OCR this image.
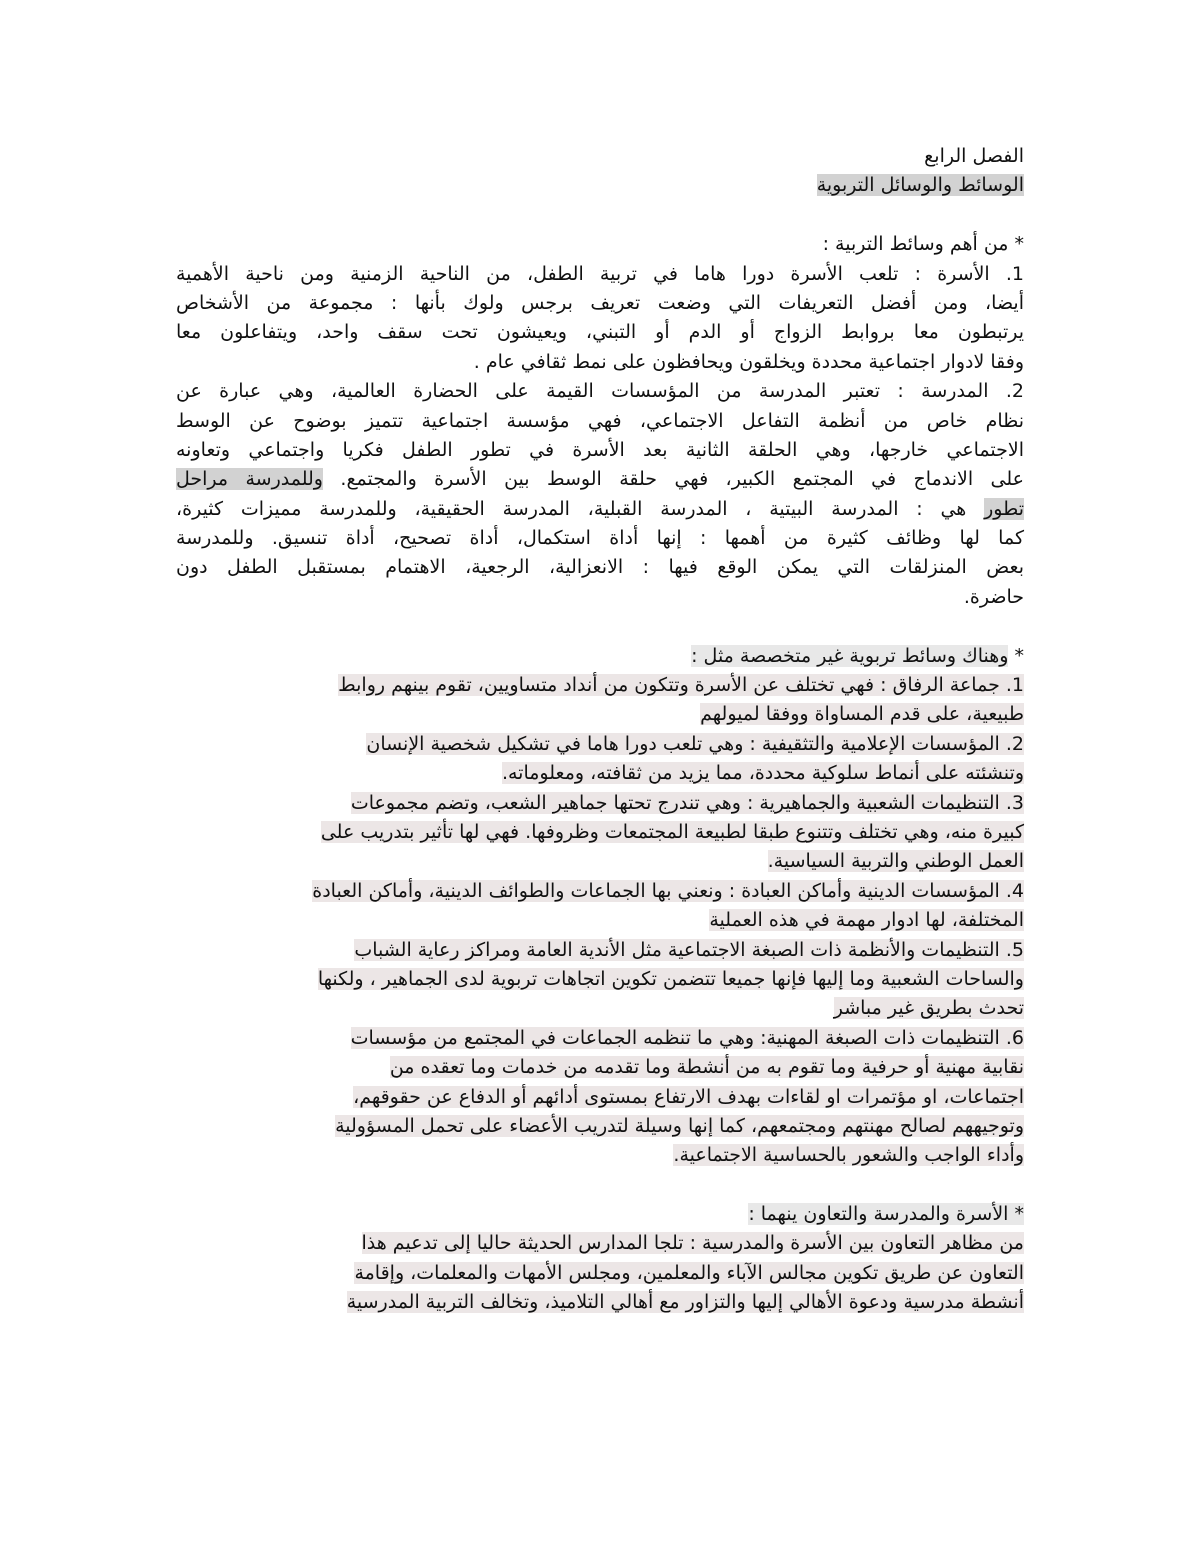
الفصل الرابع
الوسائط والوسائل التربوية
* من أهم وسائط التربية :
1. الأسرة : تلعب الأسرة دورا هاما في تربية الطفل، من الناحية الزمنية ومن ناحية الأهمية
أيضا، ومن أفضل التعريفات التي وضعت تعريف برجس ولوك بأنها : مجموعة من الأشخاص
يرتبطون معا بروابط الزواج أو الدم أو التبني، ويعيشون تحت سقف واحد، ويتفاعلون معا
وفقا لادوار اجتماعية محددة ويخلقون ويحافظون على نمط ثقافي عام .
2. المدرسة : تعتبر المدرسة من المؤسسات القيمة على الحضارة العالمية، وهي عبارة عن
نظام خاص من أنظمة التفاعل الاجتماعي، فهي مؤسسة اجتماعية تتميز بوضوح عن الوسط
الاجتماعي خارجها، وهي الحلقة الثانية بعد الأسرة في تطور الطفل فكريا واجتماعي وتعاونه
على الاندماج في المجتمع الكبير، فهي حلقة الوسط بين الأسرة والمجتمع. وللمدرسة مراحل
تطور هي : المدرسة البيتية ، المدرسة القبلية، المدرسة الحقيقية، وللمدرسة مميزات كثيرة،
كما لها وظائف كثيرة من أهمها : إنها أداة استكمال، أداة تصحيح، أداة تنسيق. وللمدرسة
بعض المنزلقات التي يمكن الوقع فيها : الانعزالية، الرجعية، الاهتمام بمستقبل الطفل دون
حاضرة.
* وهناك وسائط تربوية غير متخصصة مثل :
1. جماعة الرفاق : فهي تختلف عن الأسرة وتتكون من أنداد متساويين، تقوم بينهم روابط
طبيعية، على قدم المساواة ووفقا لميولهم
2. المؤسسات الإعلامية والتثقيفية : وهي تلعب دورا هاما في تشكيل شخصية الإنسان
وتنشئته على أنماط سلوكية محددة، مما يزيد من ثقافته، ومعلوماته.
3. التنظيمات الشعبية والجماهيرية : وهي تندرج تحتها جماهير الشعب، وتضم مجموعات
كبيرة منه، وهي تختلف وتتنوع طبقا لطبيعة المجتمعات وظروفها. فهي لها تأثير بتدريب على
العمل الوطني والتربية السياسية.
4. المؤسسات الدينية وأماكن العبادة : ونعني بها الجماعات والطوائف الدينية، وأماكن العبادة
المختلفة، لها ادوار مهمة في هذه العملية
5. التنظيمات والأنظمة ذات الصبغة الاجتماعية مثل الأندية العامة ومراكز رعاية الشباب
والساحات الشعبية وما إليها فإنها جميعا تتضمن تكوين اتجاهات تربوية لدى الجماهير ، ولكنها
تحدث بطريق غير مباشر
6. التنظيمات ذات الصبغة المهنية: وهي ما تنظمه الجماعات في المجتمع من مؤسسات
نقابية مهنية أو حرفية وما تقوم به من أنشطة وما تقدمه من خدمات وما تعقده من
اجتماعات، او مؤتمرات او لقاءات بهدف الارتفاع بمستوى أدائهم أو الدفاع عن حقوقهم،
وتوجيههم لصالح مهنتهم ومجتمعهم، كما إنها وسيلة لتدريب الأعضاء على تحمل المسؤولية
وأداء الواجب والشعور بالحساسية الاجتماعية.
* الأسرة والمدرسة والتعاون ينهما :
من مظاهر التعاون بين الأسرة والمدرسية : تلجا المدارس الحديثة حاليا إلى تدعيم هذا
التعاون عن طريق تكوين مجالس الآباء والمعلمين، ومجلس الأمهات والمعلمات، وإقامة
أنشطة مدرسية ودعوة الأهالي إليها والتزاور مع أهالي التلاميذ، وتخالف التربية المدرسية
